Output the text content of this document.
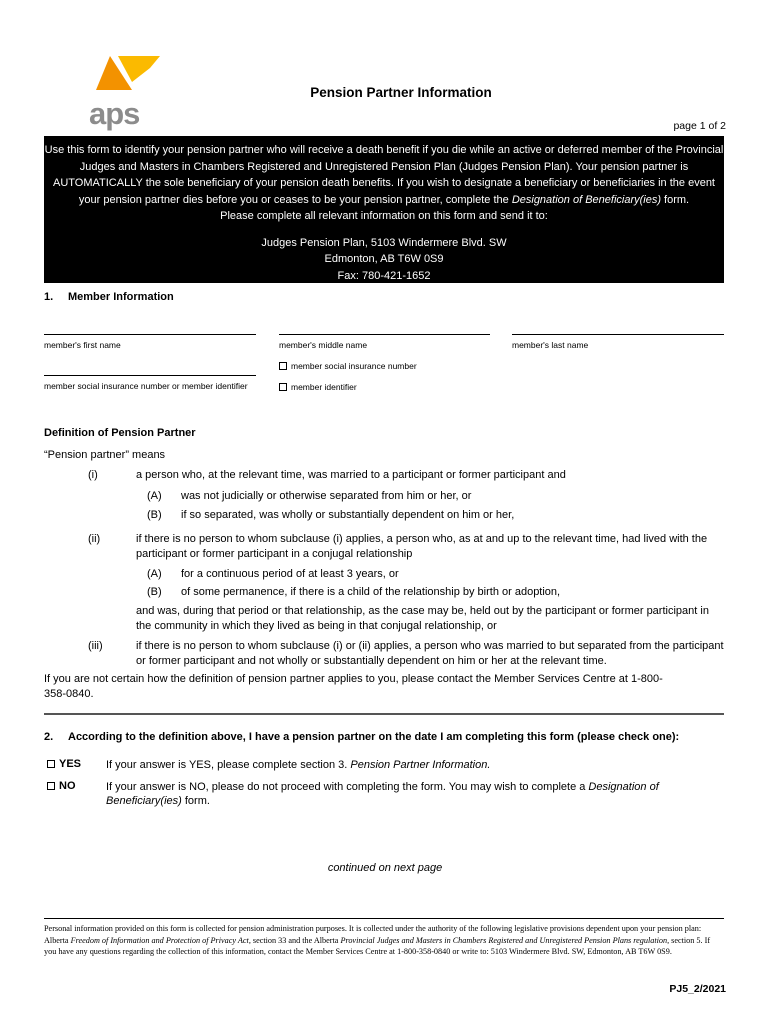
aps
Pension Partner Information
page 1 of 2

Use this form to identify your pension partner who will receive a death benefit if you die while an active or deferred member of the Provincial Judges and Masters in Chambers Registered and Unregistered Pension Plan (Judges Pension Plan). Your pension partner is AUTOMATICALLY the sole beneficiary of your pension death benefits. If you wish to designate a beneficiary or beneficiaries in the event your pension partner dies before you or ceases to be your pension partner, complete the Designation of Beneficiary(ies) form.

Please complete all relevant information on this form and send it to:

Judges Pension Plan, 5103 Windermere Blvd. SW

Edmonton, AB T6W 0S9

Fax: 780-421-1652

1. Member Information
member's first name	member's middle name	member's last name
member social insurance number or member identifier
member social insurance number
member identifier
Definition of Pension Partner
“Pension partner” means
(i)	a person who, at the relevant time, was married to a participant or former participant and
(A) was not judicially or otherwise separated from him or her, or
(B) if so separated, was wholly or substantially dependent on him or her,
(ii)	if there is no person to whom subclause (i) applies, a person who, as at and up to the relevant time, had lived with the participant or former participant in a conjugal relationship
(A) for a continuous period of at least 3 years, or
(B) of some permanence, if there is a child of the relationship by birth or adoption,
and was, during that period or that relationship, as the case may be, held out by the participant or former participant in the community in which they lived as being in that conjugal relationship, or
(iii)	if there is no person to whom subclause (i) or (ii) applies, a person who was married to but separated from the participant or former participant and not wholly or substantially dependent on him or her at the relevant time.
If you are not certain how the definition of pension partner applies to you, please contact the Member Services Centre at 1-800-358-0840.
2. According to the definition above, I have a pension partner on the date I am completing this form (please check one):
YES If your answer is YES, please complete section 3. Pension Partner Information.
NO	If your answer is NO, please do not proceed with completing the form. You may wish to complete a Designation of Beneficiary(ies) form.
continued on next page
Personal information provided on this form is collected for pension administration purposes. It is collected under the authority of the following legislative provisions dependent upon your pension plan: Alberta Freedom of Information and Protection of Privacy Act, section 33 and the Alberta Provincial Judges and Masters in Chambers Registered and Unregistered Pension Plans regulation, section 5. If you have any questions regarding the collection of this information, contact the Member Services Centre at 1-800-358-0840 or write to: 5103 Windermere Blvd. SW, Edmonton, AB T6W 0S9.
PJ5_2/2021
